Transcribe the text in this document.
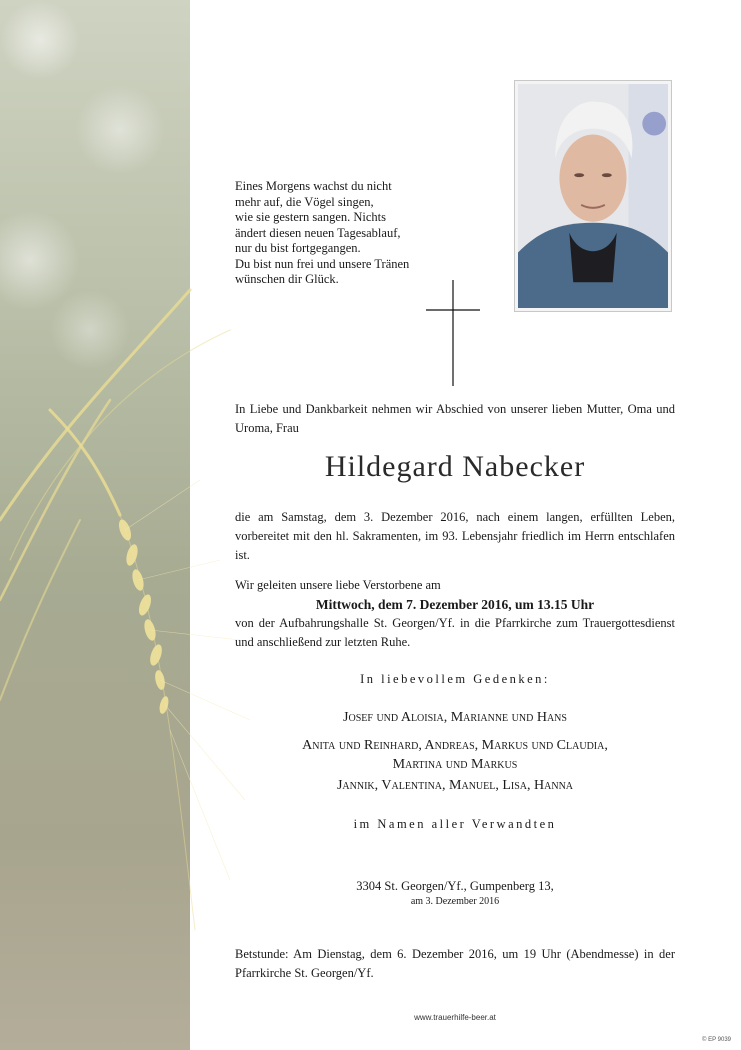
Eines Morgens wachst du nicht
mehr auf, die Vögel singen,
wie sie gestern sangen. Nichts
ändert diesen neuen Tagesablauf,
nur du bist fortgegangen.
Du bist nun frei und unsere Tränen
wünschen dir Glück.
In Liebe und Dankbarkeit nehmen wir Abschied von unserer lieben Mutter, Oma und Uroma, Frau
Hildegard Nabecker
die am Samstag, dem 3. Dezember 2016, nach einem langen, erfüllten Leben, vorbereitet mit den hl. Sakramenten, im 93. Lebensjahr friedlich im Herrn entschlafen ist.
Wir geleiten unsere liebe Verstorbene am
Mittwoch, dem 7. Dezember 2016, um 13.15 Uhr
von der Aufbahrungshalle St. Georgen/Yf. in die Pfarrkirche zum Trauergottesdienst und anschließend zur letzten Ruhe.
In liebevollem Gedenken:
Josef und Aloisia, Marianne und Hans
Anita und Reinhard, Andreas, Markus und Claudia,
Martina und Markus
Jannik, Valentina, Manuel, Lisa, Hanna
im Namen aller Verwandten
3304 St. Georgen/Yf., Gumpenberg 13,
am 3. Dezember 2016
Betstunde: Am Dienstag, dem 6. Dezember 2016, um 19 Uhr (Abendmesse) in der Pfarrkirche St. Georgen/Yf.
www.trauerhilfe-beer.at
© EP 9039
